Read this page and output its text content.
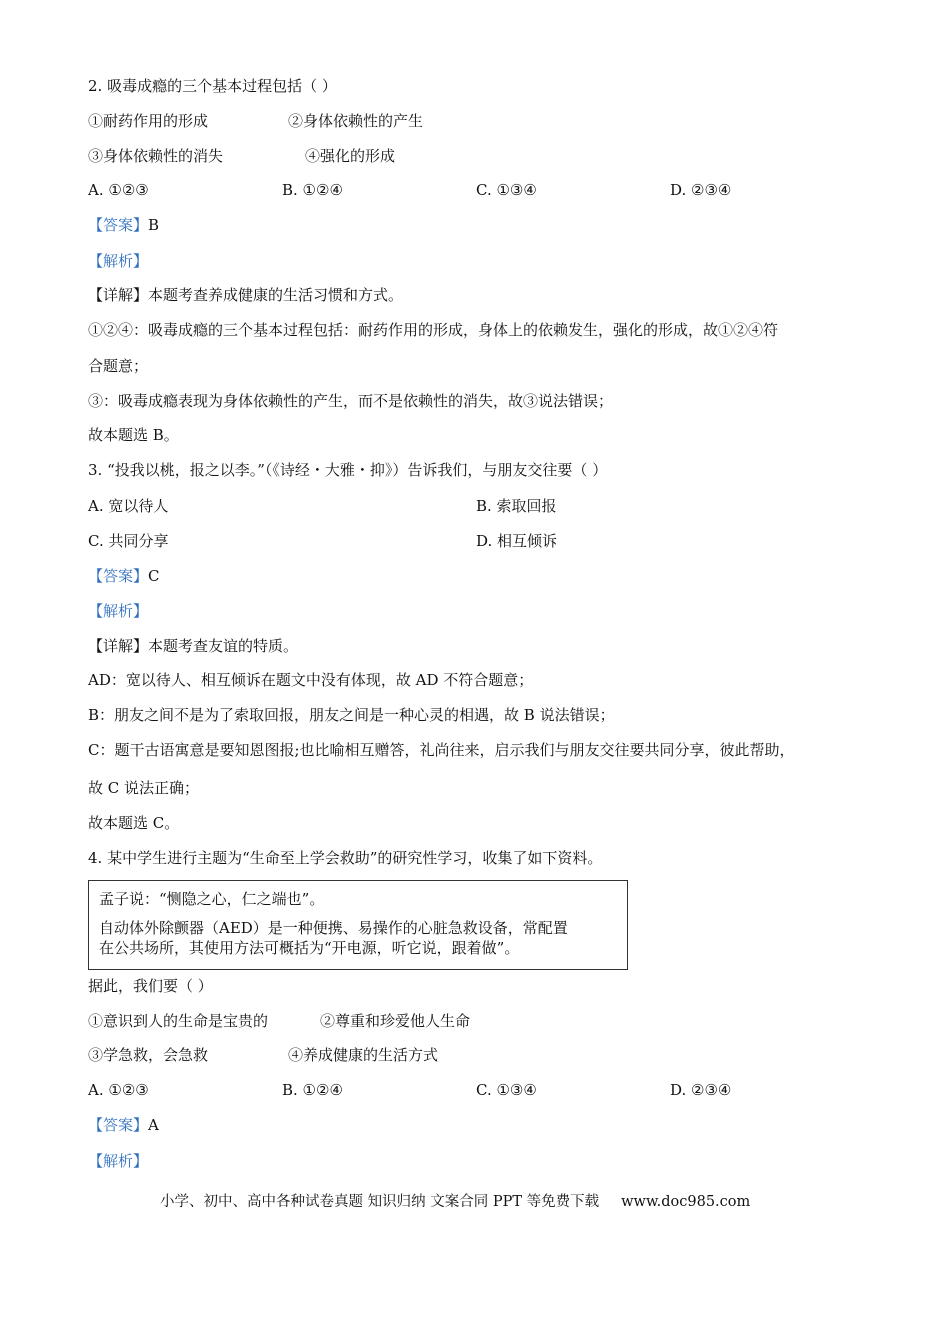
2. 吸毒成瘾的三个基本过程包括（ ）
①耐药作用的形成	②身体依赖性的产生
③身体依赖性的消失	④强化的形成
A. ①②③	B. ①②④	C. ①③④	D. ②③④
【答案】B
【解析】
【详解】本题考查养成健康的生活习惯和方式。
①②④：吸毒成瘾的三个基本过程包括：耐药作用的形成，身体上的依赖发生，强化的形成，故①②④符
合题意；
③：吸毒成瘾表现为身体依赖性的产生，而不是依赖性的消失，故③说法错误；
故本题选 B。
3. “投我以桃，报之以李。”（《诗经・大雅・抑》）告诉我们，与朋友交往要（ ）
A. 宽以待人	B. 索取回报
C. 共同分享	D. 相互倾诉
【答案】C
【解析】
【详解】本题考查友谊的特质。
AD：宽以待人、相互倾诉在题文中没有体现，故 AD 不符合题意；
B：朋友之间不是为了索取回报，朋友之间是一种心灵的相遇，故 B 说法错误；
C：题干古语寓意是要知恩图报;也比喻相互赠答，礼尚往来，启示我们与朋友交往要共同分享，彼此帮助，
故 C 说法正确；
故本题选 C。
4. 某中学生进行主题为“生命至上学会救助”的研究性学习，收集了如下资料。
孟子说：“恻隐之心，仁之端也”。
自动体外除颤器（AED）是一种便携、易操作的心脏急救设备，常配置
在公共场所，其使用方法可概括为“开电源，听它说，跟着做”。
据此，我们要（ ）
①意识到人的生命是宝贵的	②尊重和珍爱他人生命
③学急救，会急救	④养成健康的生活方式
A. ①②③	B. ①②④	C. ①③④	D. ②③④
【答案】A
【解析】
小学、初中、高中各种试卷真题 知识归纳 文案合同 PPT 等免费下载 www.doc985.com
